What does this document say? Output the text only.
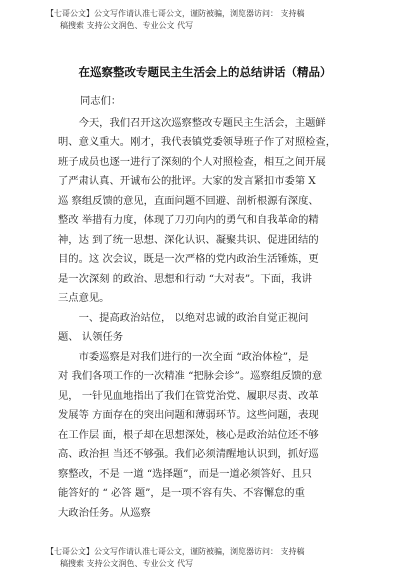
【七哥公文】公文写作请认准七哥公文，谨防被骗，浏览器访问： 支持稿
稿搜索 支持公文润色、专业公文 代写
在巡察整改专题民主生活会上的总结讲话（精品）

同志们：

　　今天，我们召开这次巡察整改专题民主生活会，主题鲜

明、意义重大。刚才，我代表镇党委领导班子作了对照检查，

班子成员也逐一进行了深刻的个人对照检查，相互之间开展

了严肃认真、开诚布公的批评。大家的发言紧扣市委第 X

巡 察组反馈的意见，直面问题不回避、剖析根源有深度、

整改 举措有力度，体现了刀刃向内的勇气和自我革命的精

神，达 到了统一思想、深化认识、凝聚共识、促进团结的

目的。这 次会议，既是一次严格的党内政治生活锤炼，更

是一次深刻 的政治、思想和行动 “大对表”。下面，我讲

三点意见。

　　一、提高政治站位， 以绝对忠诚的政治自觉正视问

题、 认领任务

　　市委巡察是对我们进行的一次全面 “政治体检”，是

对 我们各项工作的一次精准 “把脉会诊”。巡察组反馈的意

见， 一针见血地指出了我们在管党治党、履职尽责、改革

发展等 方面存在的突出问题和薄弱环节。这些问题，表现

在工作层 面，根子却在思想深处，核心是政治站位还不够

高、政治担 当还不够强。我们必须清醒地认识到，抓好巡

察整改，不是 一道 “选择题”，而是一道必须答好、且只

能答好的 “ 必答 题”，是一项不容有失、不容懈怠的重

大政治任务。从巡察

【七哥公文】公文写作请认准七哥公文，谨防被骗，浏览器访问： 支持稿
稿搜索 支持公文润色、专业公文 代写
